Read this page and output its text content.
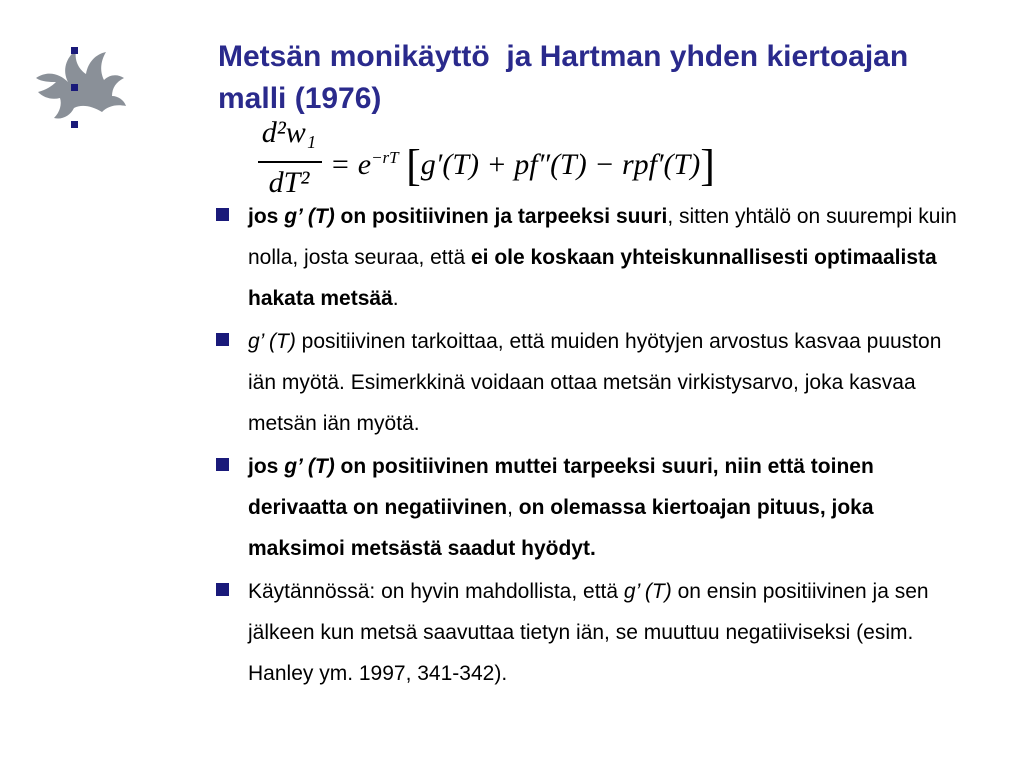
Metsän monikäyttö  ja Hartman yhden kiertoajan malli (1976)
d²w₁
dT²
= $e^{-rT}$ [g′(T) + pf″(T) − rpf′(T)]
jos g’ (T) on positiivinen ja tarpeeksi suuri, sitten yhtälö on suurempi kuin nolla, josta seuraa, että ei ole koskaan yhteiskunnallisesti optimaalista hakata metsää.
g’ (T) positiivinen tarkoittaa, että muiden hyötyjen arvostus kasvaa puuston iän myötä. Esimerkkinä voidaan ottaa metsän virkistysarvo, joka kasvaa metsän iän myötä.
jos g’ (T) on positiivinen muttei tarpeeksi suuri, niin että toinen derivaatta on negatiivinen, on olemassa kiertoajan pituus, joka maksimoi metsästä saadut hyödyt.
Käytännössä: on hyvin mahdollista, että g’ (T) on ensin positiivinen ja sen jälkeen kun metsä saavuttaa tietyn iän, se muuttuu negatiiviseksi (esim. Hanley ym. 1997, 341-342).
